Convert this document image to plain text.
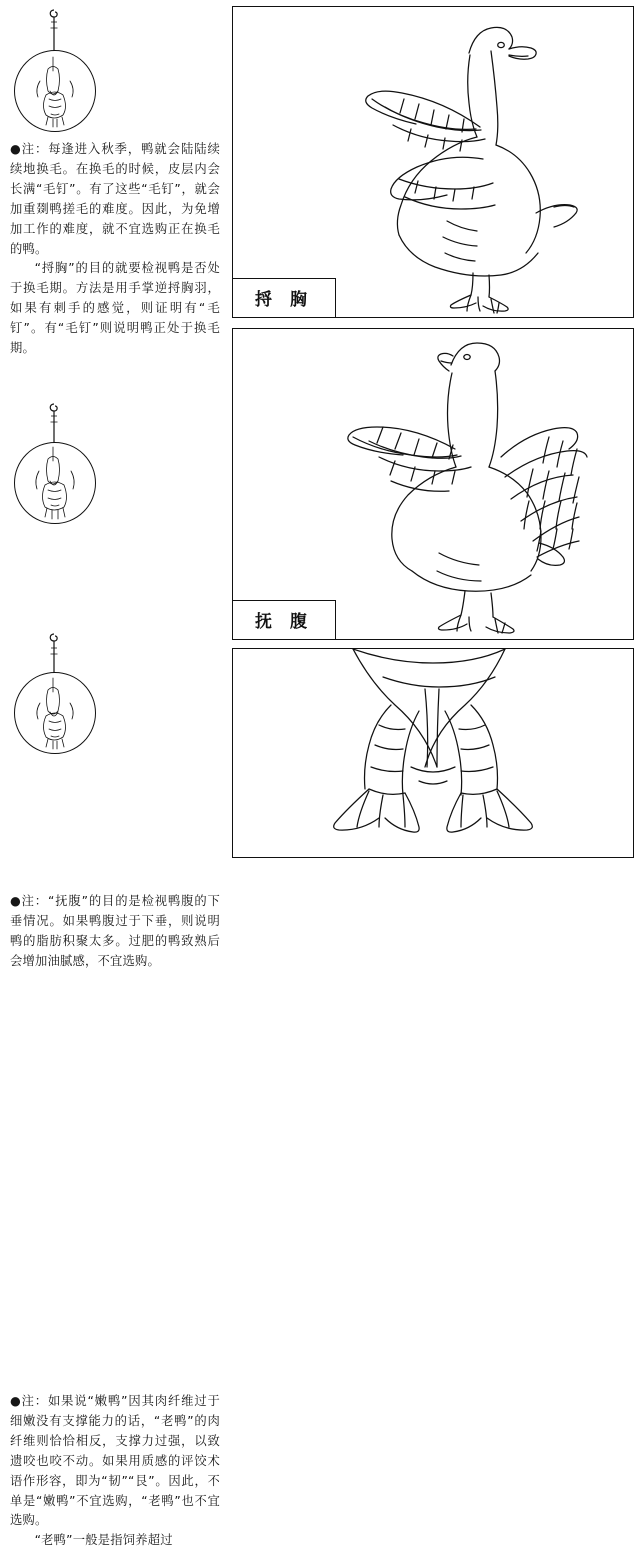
●注：每逢进入秋季，鸭就会陆陆续续地换毛。在换毛的时候，皮层内会长满“毛钉”。有了这些“毛钉”，就会加重剟鸭搓毛的难度。因此，为免增加工作的难度，就不宜选购正在换毛的鸭。

“捋胸”的目的就要检视鸭是否处于换毛期。方法是用手掌逆捋胸羽，如果有刺手的感觉，则证明有“毛钉”。有“毛钉”则说明鸭正处于换毛期。

●注：“抚腹”的目的是检视鸭腹的下垂情况。如果鸭腹过于下垂，则说明鸭的脂肪积聚太多。过肥的鸭致熟后会增加油腻感，不宜选购。

●注：如果说“嫩鸭”因其肉纤维过于细嫩没有支撑能力的话，“老鸭”的肉纤维则恰恰相反，支撑力过强，以致遗咬也咬不动。如果用质感的评饺术语作形容，即为“韧”“艮”。因此，不单是“嫩鸭”不宜选购，“老鸭”也不宜选购。

“老鸭”一般是指饲养超过

捋 胸
抚 腹
